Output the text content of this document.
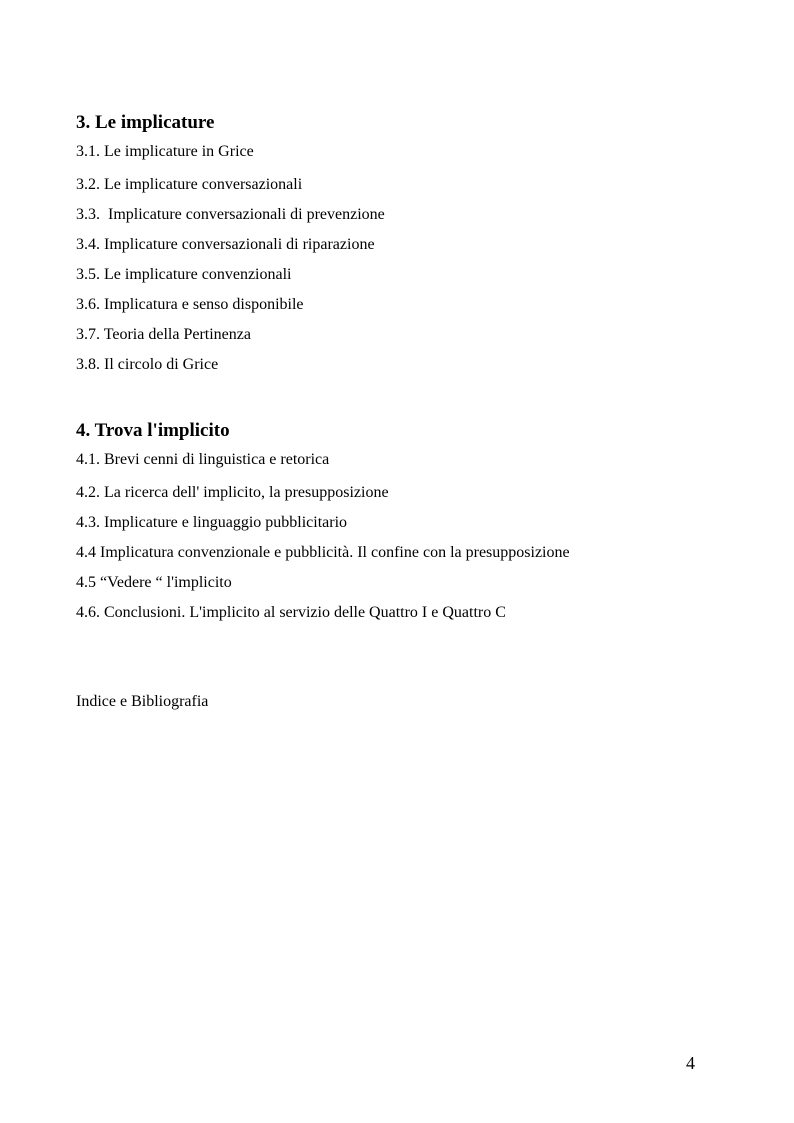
3. Le implicature
3.1. Le implicature in Grice
3.2. Le implicature conversazionali
3.3.  Implicature conversazionali di prevenzione
3.4. Implicature conversazionali di riparazione
3.5. Le implicature convenzionali
3.6. Implicatura e senso disponibile
3.7. Teoria della Pertinenza
3.8. Il circolo di Grice
4. Trova l'implicito
4.1. Brevi cenni di linguistica e retorica
4.2. La ricerca dell' implicito, la presupposizione
4.3. Implicature e linguaggio pubblicitario
4.4 Implicatura convenzionale e pubblicità. Il confine con la presupposizione
4.5 “Vedere “ l'implicito
4.6. Conclusioni. L'implicito al servizio delle Quattro I e Quattro C
Indice e Bibliografia
4
